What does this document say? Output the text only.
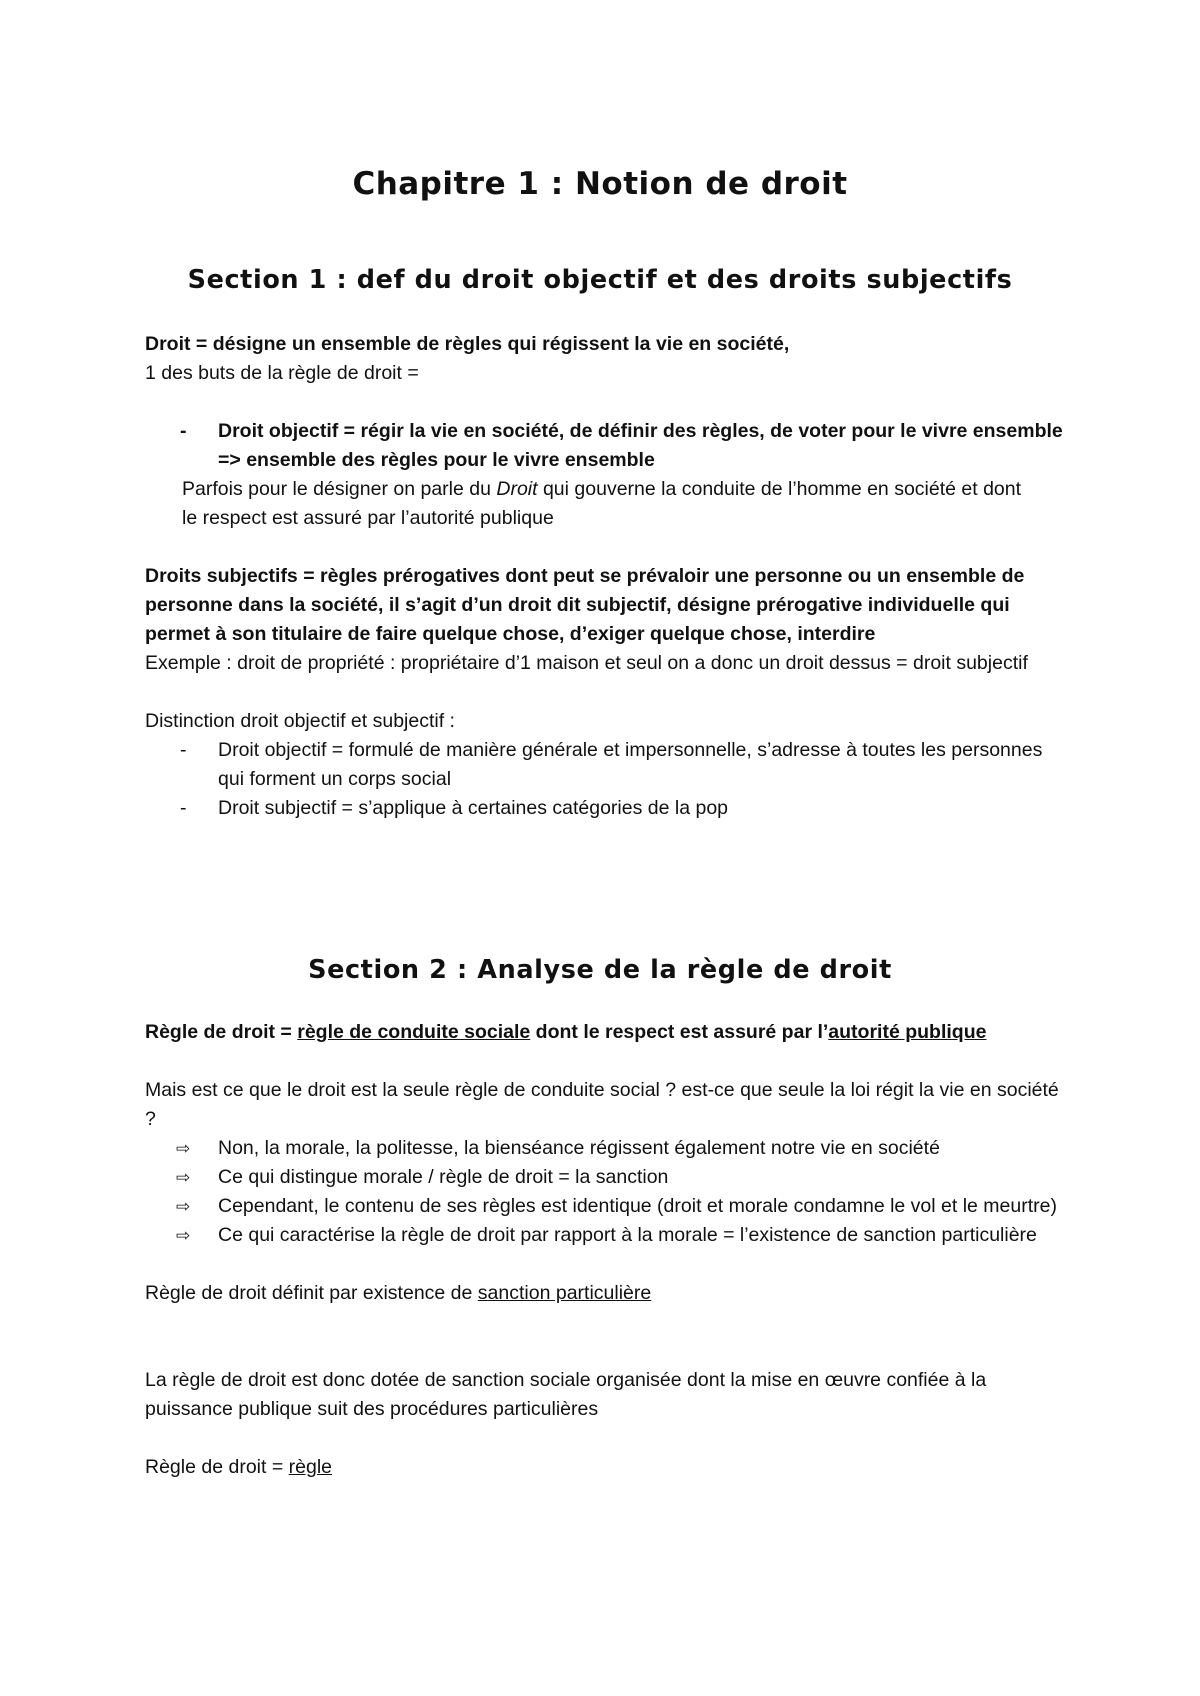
Chapitre 1 : Notion de droit
Section 1 : def du droit objectif et des droits subjectifs

Droit = désigne un ensemble de règles qui régissent la vie en société,

1 des buts de la règle de droit =

- Droit objectif = régir la vie en société, de définir des règles, de voter pour le vivre ensemble => ensemble des règles pour le vivre ensemble

Parfois pour le désigner on parle du Droit qui gouverne la conduite de l’homme en société et dont le respect est assuré par l’autorité publique

Droits subjectifs = règles prérogatives dont peut se prévaloir une personne ou un ensemble de personne dans la société, il s’agit d’un droit dit subjectif, désigne prérogative individuelle qui permet à son titulaire de faire quelque chose, d’exiger quelque chose, interdire

Exemple : droit de propriété : propriétaire d’1 maison et seul on a donc un droit dessus = droit subjectif

Distinction droit objectif et subjectif :

- Droit objectif = formulé de manière générale et impersonnelle, s’adresse à toutes les personnes qui forment un corps social
- Droit subjectif = s’applique à certaines catégories de la pop
Section 2 : Analyse de la règle de droit

Règle de droit = règle de conduite sociale dont le respect est assuré par l’autorité publique

Mais est ce que le droit est la seule règle de conduite social ? est-ce que seule la loi régit la vie en société ?

⇨ Non, la morale, la politesse, la bienséance régissent également notre vie en société
⇨ Ce qui distingue morale / règle de droit = la sanction
⇨ Cependant, le contenu de ses règles est identique (droit et morale condamne le vol et le meurtre)
⇨ Ce qui caractérise la règle de droit par rapport à la morale = l’existence de sanction particulière

Règle de droit définit par existence de sanction particulière

La règle de droit est donc dotée de sanction sociale organisée dont la mise en œuvre confiée à la puissance publique suit des procédures particulières

Règle de droit = règle
